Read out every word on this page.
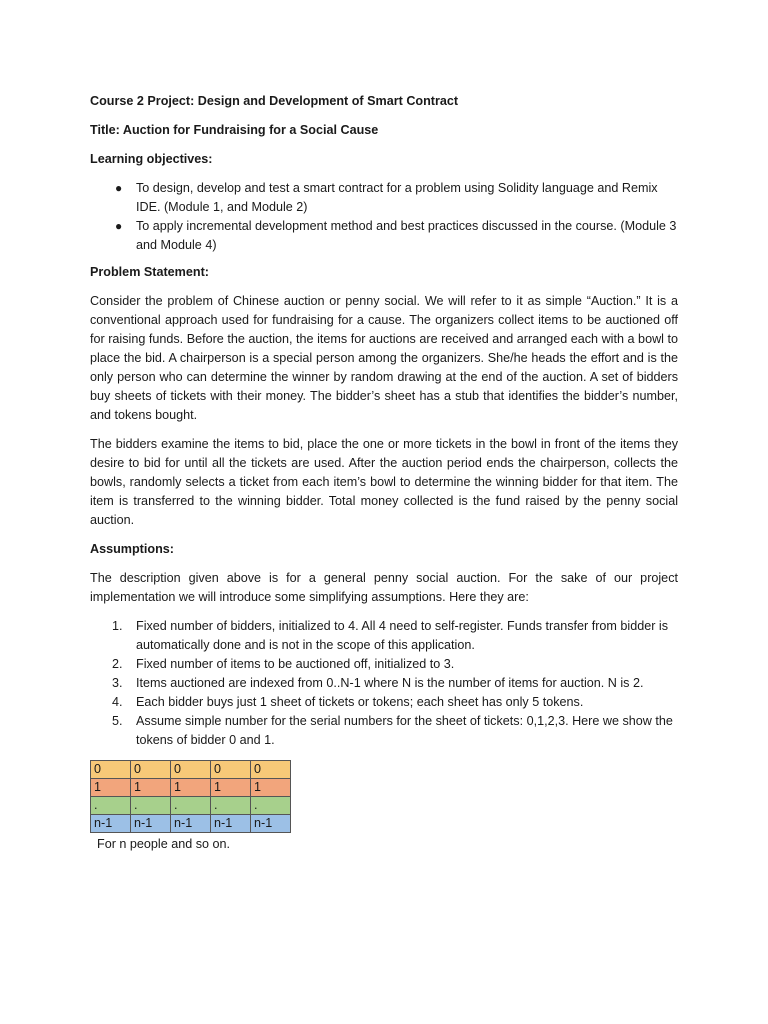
Course 2 Project: Design and Development of Smart Contract

Title: Auction for Fundraising for a Social Cause

Learning objectives:

● To design, develop and test a smart contract for a problem using Solidity language and Remix IDE. (Module 1, and Module 2)
● To apply incremental development method and best practices discussed in the course. (Module 3 and Module 4)

Problem Statement:

Consider the problem of Chinese auction or penny social. We will refer to it as simple “Auction.” It is a conventional approach used for fundraising for a cause. The organizers collect items to be auctioned off for raising funds. Before the auction, the items for auctions are received and arranged each with a bowl to place the bid. A chairperson is a special person among the organizers. She/he heads the effort and is the only person who can determine the winner by random drawing at the end of the auction. A set of bidders buy sheets of tickets with their money. The bidder’s sheet has a stub that identifies the bidder’s number, and tokens bought.

The bidders examine the items to bid, place the one or more tickets in the bowl in front of the items they desire to bid for until all the tickets are used. After the auction period ends the chairperson, collects the bowls, randomly selects a ticket from each item’s bowl to determine the winning bidder for that item. The item is transferred to the winning bidder. Total money collected is the fund raised by the penny social auction.

Assumptions:

The description given above is for a general penny social auction. For the sake of our project implementation we will introduce some simplifying assumptions. Here they are:

1. Fixed number of bidders, initialized to 4. All 4 need to self-register. Funds transfer from bidder is automatically done and is not in the scope of this application.
2. Fixed number of items to be auctioned off, initialized to 3.
3. Items auctioned are indexed from 0..N-1 where N is the number of items for auction. N is 2.
4. Each bidder buys just 1 sheet of tickets or tokens; each sheet has only 5 tokens.
5. Assume simple number for the serial numbers for the sheet of tickets: 0,1,2,3. Here we show the tokens of bidder 0 and 1.
0	0	0	0	0
1	1	1	1	1
.	.	.	.	.
n-1	n-1	n-1	n-1	n-1
For n people and so on.
